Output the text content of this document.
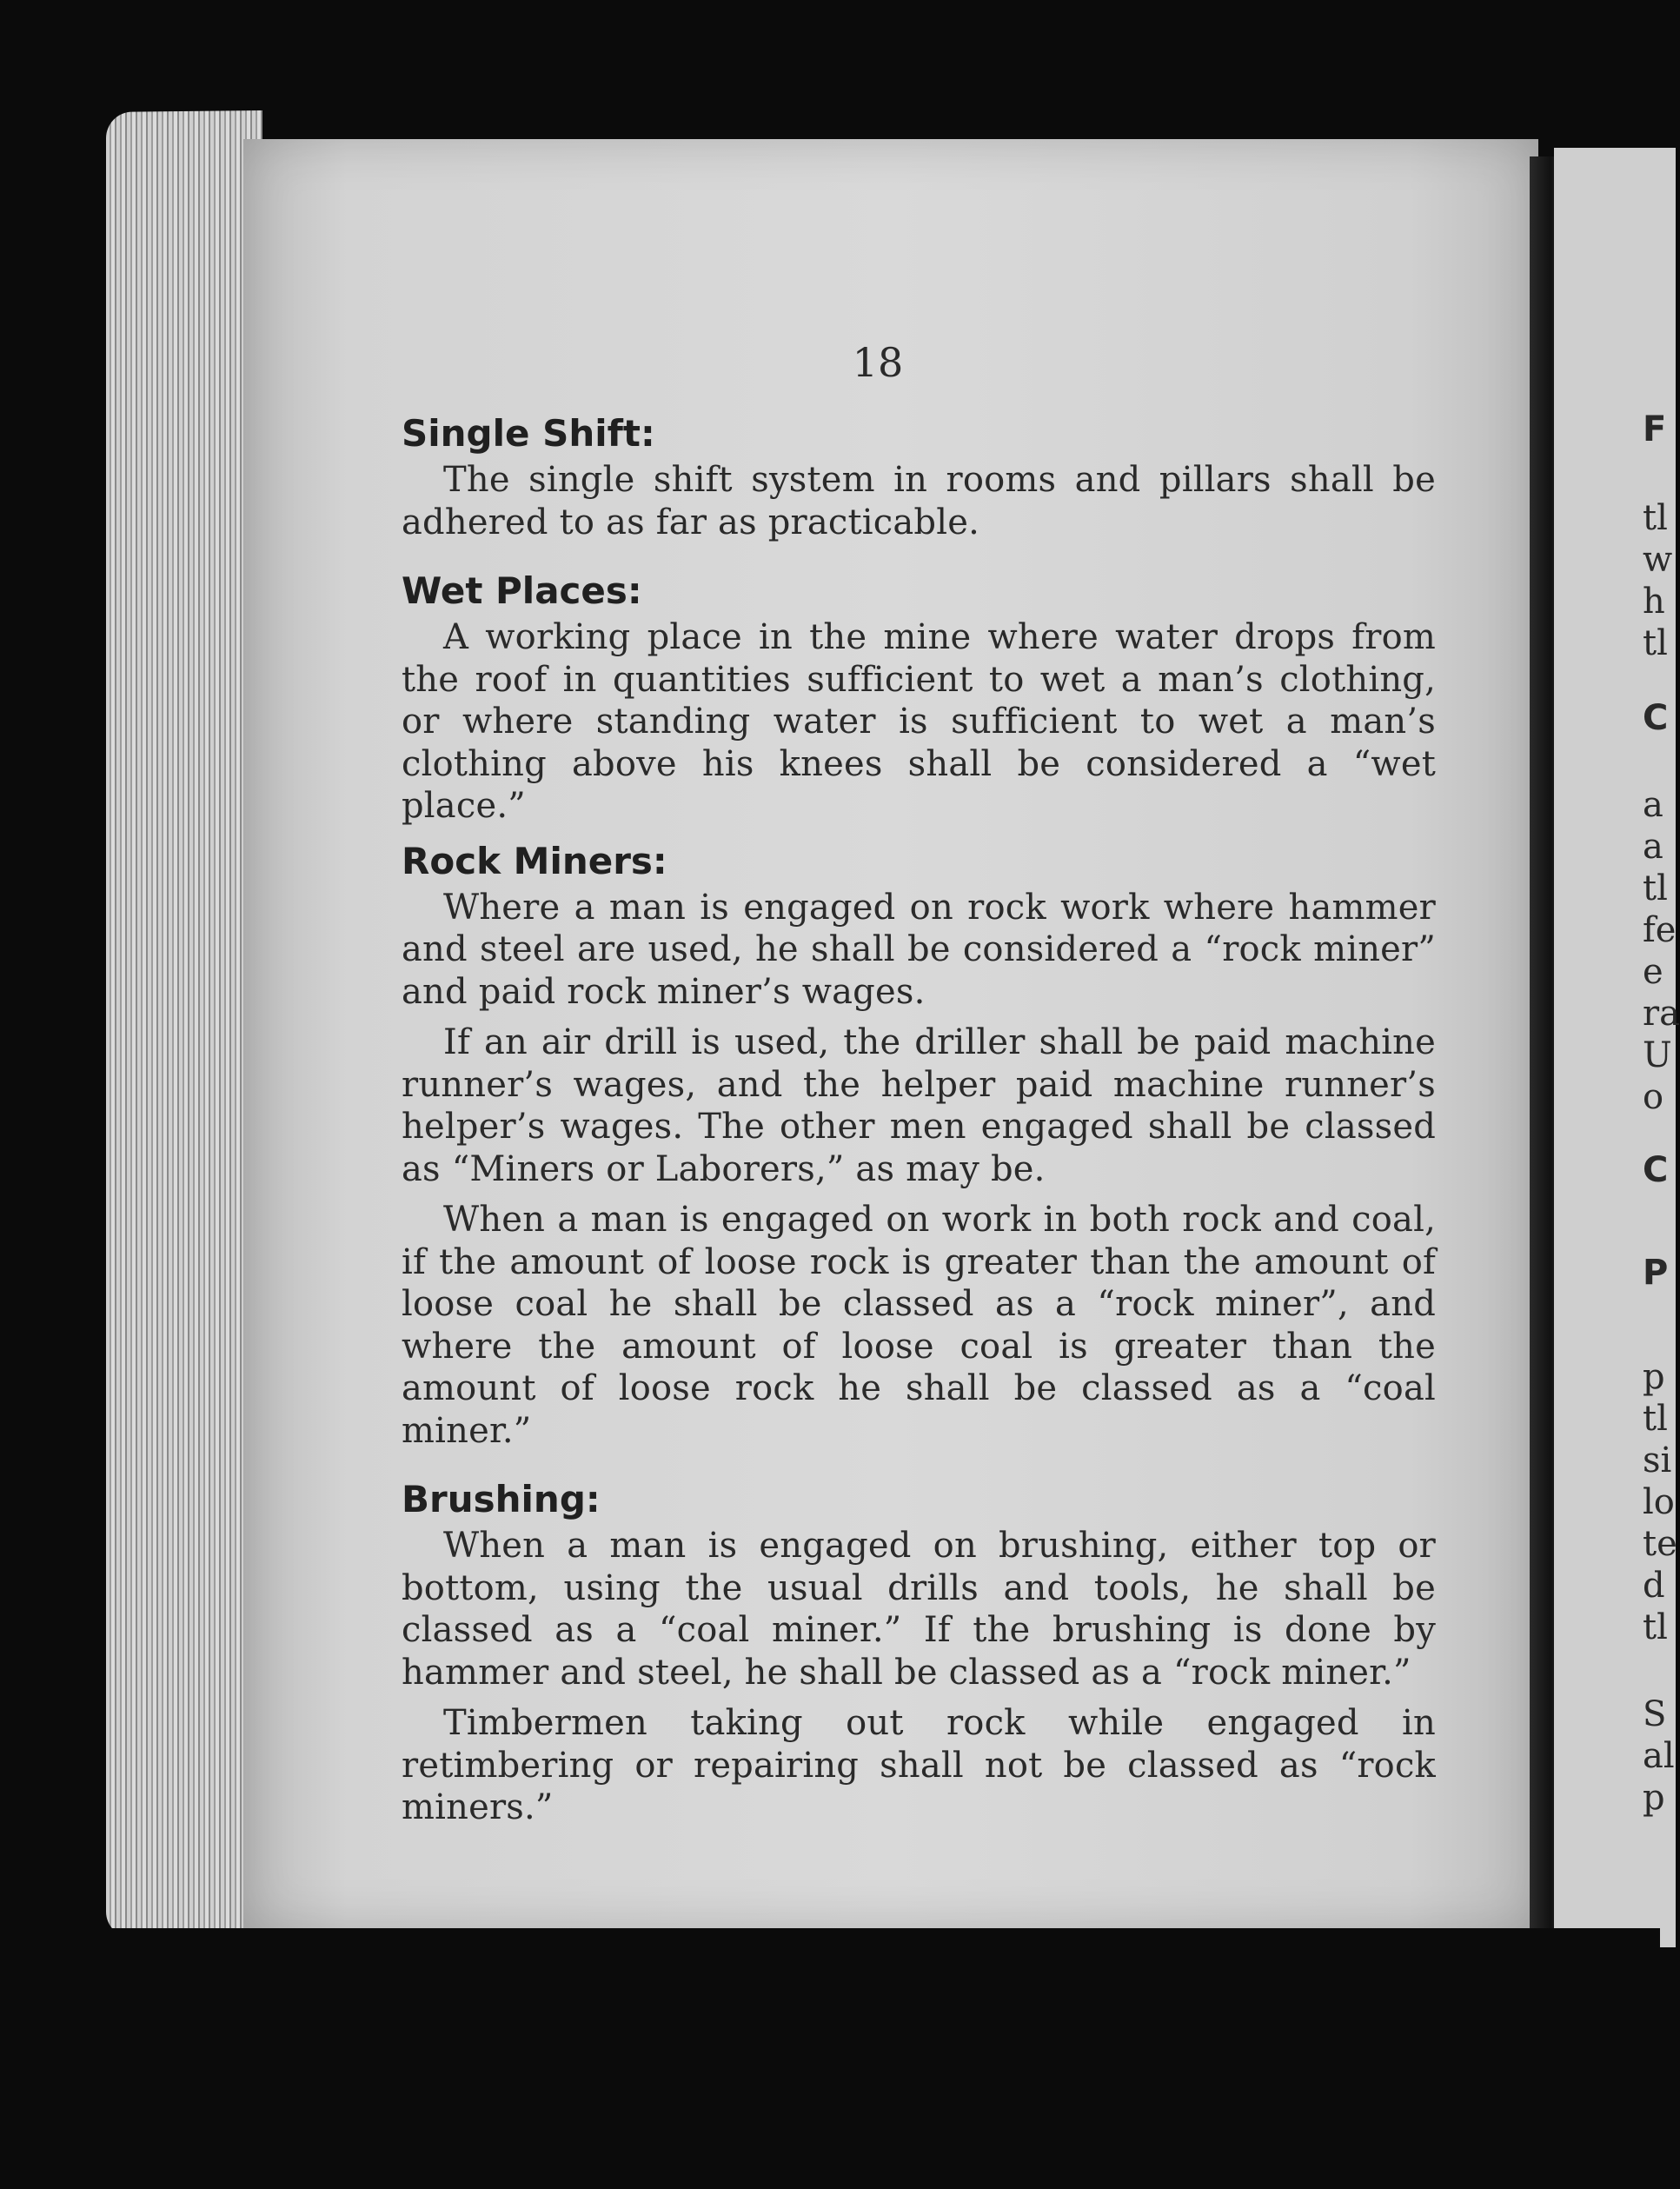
18
Single Shift:

The single shift system in rooms and pillars shall be adhered to as far as practicable.

Wet Places:

A working place in the mine where water drops from the roof in quantities sufficient to wet a man’s clothing, or where standing water is sufficient to wet a man’s clothing above his knees shall be considered a “wet place.”

Rock Miners:

Where a man is engaged on rock work where hammer and steel are used, he shall be considered a “rock miner” and paid rock miner’s wages.

If an air drill is used, the driller shall be paid machine runner’s wages, and the helper paid machine runner’s helper’s wages. The other men engaged shall be classed as “Miners or Laborers,” as may be.

When a man is engaged on work in both rock and coal, if the amount of loose rock is greater than the amount of loose coal he shall be classed as a “rock miner”, and where the amount of loose coal is greater than the amount of loose rock he shall be classed as a “coal miner.”

Brushing:

When a man is engaged on brushing, either top or bottom, using the usual drills and tools, he shall be classed as a “coal miner.” If the brushing is done by hammer and steel, he shall be classed as a “rock miner.”

Timbermen taking out rock while engaged in retimbering or repairing shall not be classed as “rock miners.”

F
tl
w
h
tl
C
a
a
tl
fe
e
ra
U
o
C
P
p
tl
si
lo
te
d
tl
S
al
p
